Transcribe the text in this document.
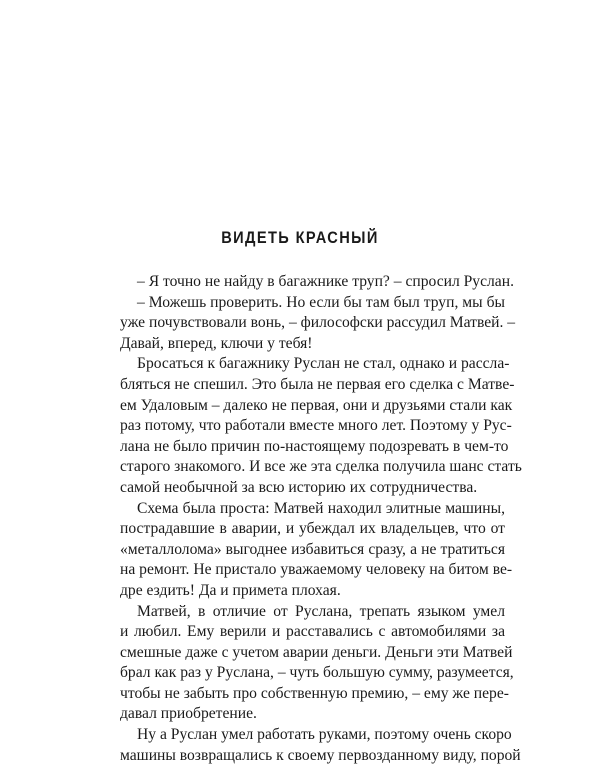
ВИДЕТЬ КРАСНЫЙ
– Я точно не найду в багажнике труп? – спросил Руслан.
– Можешь проверить. Но если бы там был труп, мы бы
уже почувствовали вонь, – философски рассудил Матвей. –
Давай, вперед, ключи у тебя!
Бросаться к багажнику Руслан не стал, однако и рассла-
бляться не спешил. Это была не первая его сделка с Матве-
ем Удаловым – далеко не первая, они и друзьями стали как
раз потому, что работали вместе много лет. Поэтому у Рус-
лана не было причин по-настоящему подозревать в чем-то
старого знакомого. И все же эта сделка получила шанс стать
самой необычной за всю историю их сотрудничества.
Схема была проста: Матвей находил элитные машины,
пострадавшие в аварии, и убеждал их владельцев, что от
«металлолома» выгоднее избавиться сразу, а не тратиться
на ремонт. Не пристало уважаемому человеку на битом ве-
дре ездить! Да и примета плохая.
Матвей, в отличие от Руслана, трепать языком умел
и любил. Ему верили и расставались с автомобилями за
смешные даже с учетом аварии деньги. Деньги эти Матвей
брал как раз у Руслана, – чуть большую сумму, разумеется,
чтобы не забыть про собственную премию, – ему же пере-
давал приобретение.
Ну а Руслан умел работать руками, поэтому очень скоро
машины возвращались к своему первозданному виду, порой
